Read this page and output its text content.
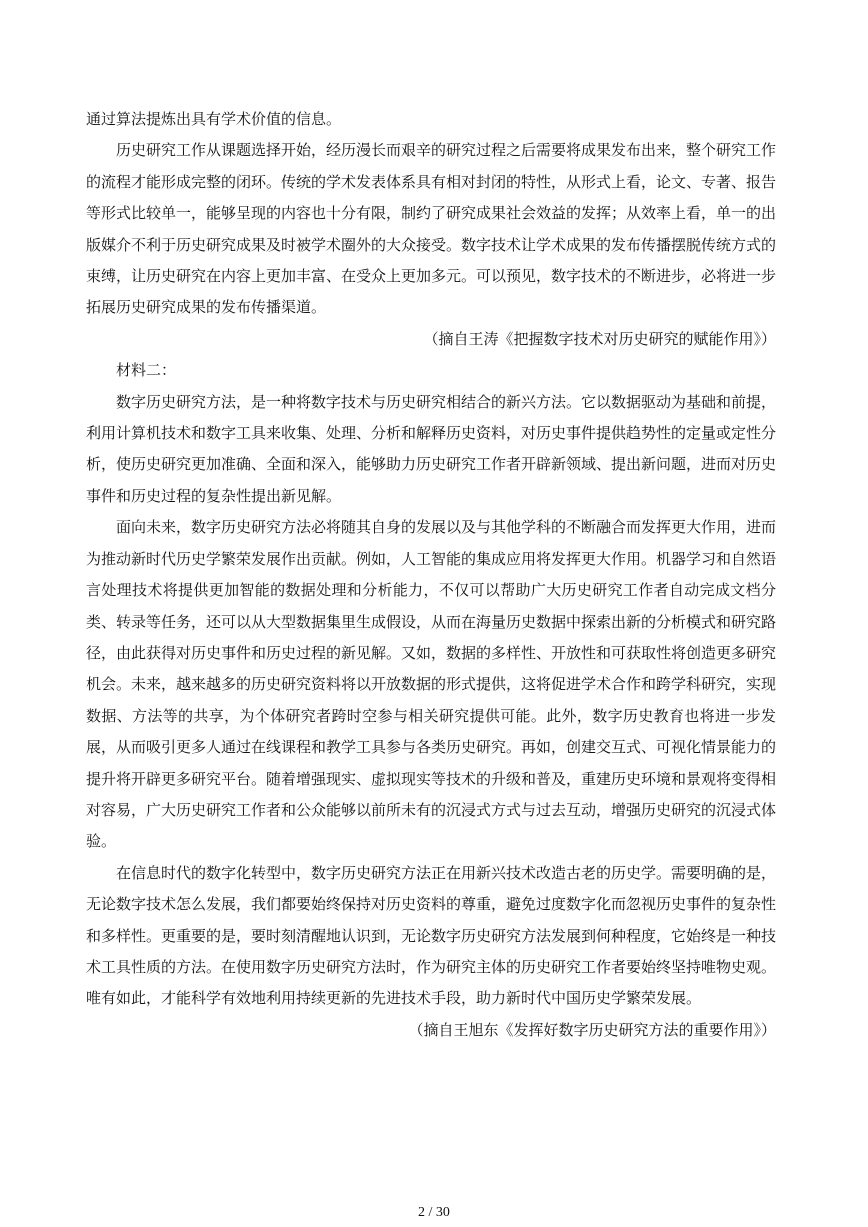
通过算法提炼出具有学术价值的信息。

历史研究工作从课题选择开始，经历漫长而艰辛的研究过程之后需要将成果发布出来，整个研究工作的流程才能形成完整的闭环。传统的学术发表体系具有相对封闭的特性，从形式上看，论文、专著、报告等形式比较单一，能够呈现的内容也十分有限，制约了研究成果社会效益的发挥；从效率上看，单一的出版媒介不利于历史研究成果及时被学术圈外的大众接受。数字技术让学术成果的发布传播摆脱传统方式的束缚，让历史研究在内容上更加丰富、在受众上更加多元。可以预见，数字技术的不断进步，必将进一步拓展历史研究成果的发布传播渠道。

（摘自王涛《把握数字技术对历史研究的赋能作用》）

材料二：

数字历史研究方法，是一种将数字技术与历史研究相结合的新兴方法。它以数据驱动为基础和前提，利用计算机技术和数字工具来收集、处理、分析和解释历史资料，对历史事件提供趋势性的定量或定性分析，使历史研究更加准确、全面和深入，能够助力历史研究工作者开辟新领域、提出新问题，进而对历史事件和历史过程的复杂性提出新见解。

面向未来，数字历史研究方法必将随其自身的发展以及与其他学科的不断融合而发挥更大作用，进而为推动新时代历史学繁荣发展作出贡献。例如，人工智能的集成应用将发挥更大作用。机器学习和自然语言处理技术将提供更加智能的数据处理和分析能力，不仅可以帮助广大历史研究工作者自动完成文档分类、转录等任务，还可以从大型数据集里生成假设，从而在海量历史数据中探索出新的分析模式和研究路径，由此获得对历史事件和历史过程的新见解。又如，数据的多样性、开放性和可获取性将创造更多研究机会。未来，越来越多的历史研究资料将以开放数据的形式提供，这将促进学术合作和跨学科研究，实现数据、方法等的共享，为个体研究者跨时空参与相关研究提供可能。此外，数字历史教育也将进一步发展，从而吸引更多人通过在线课程和教学工具参与各类历史研究。再如，创建交互式、可视化情景能力的提升将开辟更多研究平台。随着增强现实、虚拟现实等技术的升级和普及，重建历史环境和景观将变得相对容易，广大历史研究工作者和公众能够以前所未有的沉浸式方式与过去互动，增强历史研究的沉浸式体验。

在信息时代的数字化转型中，数字历史研究方法正在用新兴技术改造古老的历史学。需要明确的是，无论数字技术怎么发展，我们都要始终保持对历史资料的尊重，避免过度数字化而忽视历史事件的复杂性和多样性。更重要的是，要时刻清醒地认识到，无论数字历史研究方法发展到何种程度，它始终是一种技术工具性质的方法。在使用数字历史研究方法时，作为研究主体的历史研究工作者要始终坚持唯物史观。唯有如此，才能科学有效地利用持续更新的先进技术手段，助力新时代中国历史学繁荣发展。

（摘自王旭东《发挥好数字历史研究方法的重要作用》）

2 / 30
